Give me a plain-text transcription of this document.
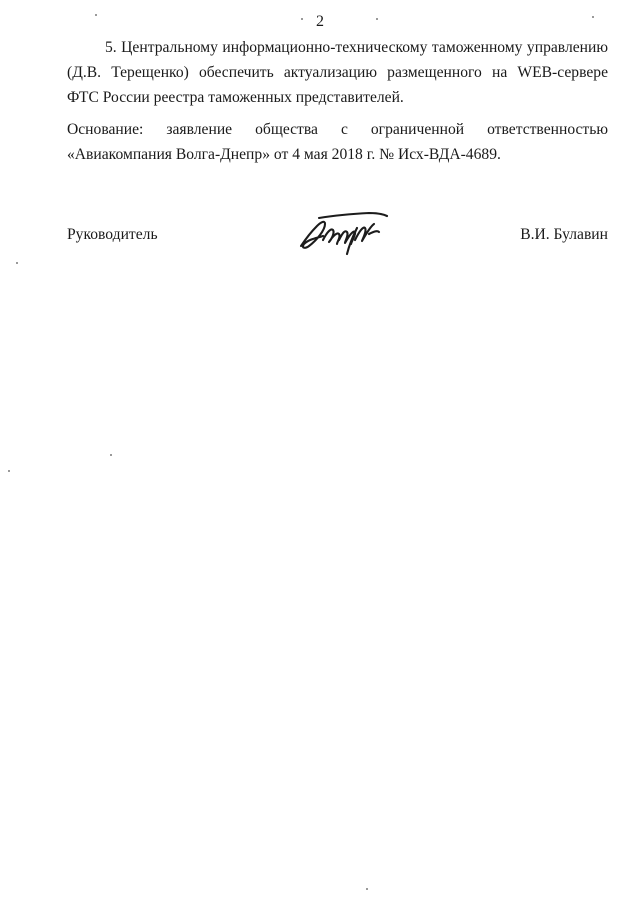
2
5. Центральному информационно-техническому таможенному управлению
(Д.В. Терещенко) обеспечить актуализацию размещенного на WEB-сервере
ФТС России реестра таможенных представителей.
Основание: заявление общества с ограниченной ответственностью
«Авиакомпания Волга-Днепр» от 4 мая 2018 г. № Исх-ВДА-4689.
Руководитель	В.И. Булавин
